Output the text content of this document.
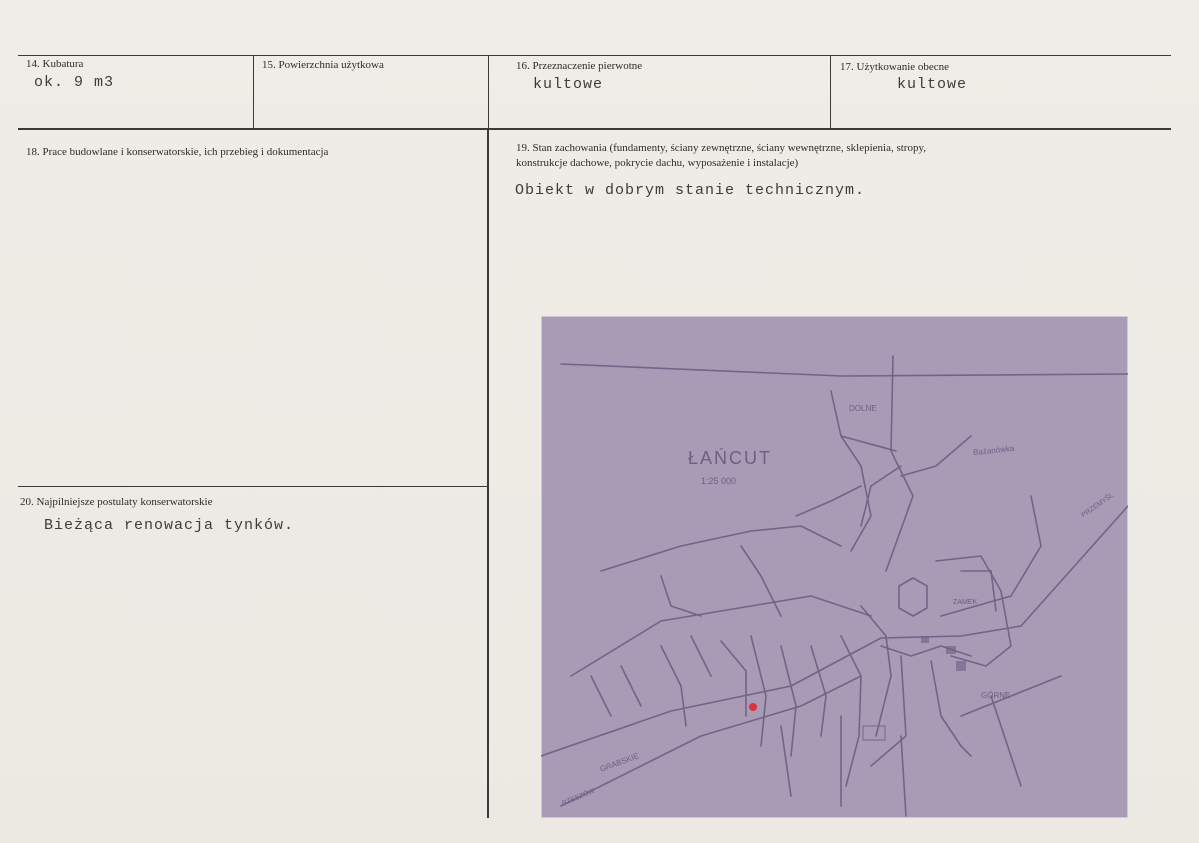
14. Kubatura
ok. 9 m3
15. Powierzchnia użytkowa	16. Przeznaczenie pierwotne
kultowe
17. Użytkowanie obecne
kultowe
18. Prace budowlane i konserwatorskie, ich przebieg i dokumentacja	19. Stan zachowania (fundamenty, ściany zewnętrzne, ściany wewnętrzne, sklepienia, stropy,
konstrukcje dachowe, pokrycie dachu, wyposażenie i instalacje)
Obiekt w dobrym stanie technicznym.
20. Najpilniejsze postulaty konserwatorskie
Bieżąca renowacja tynków.
ŁAŃCUT
1:25 000
DOLNE
Bażanówka
ZAMEK
GÓRNE
GRABSKIE
RZESZÓW
PRZEMYŚL
